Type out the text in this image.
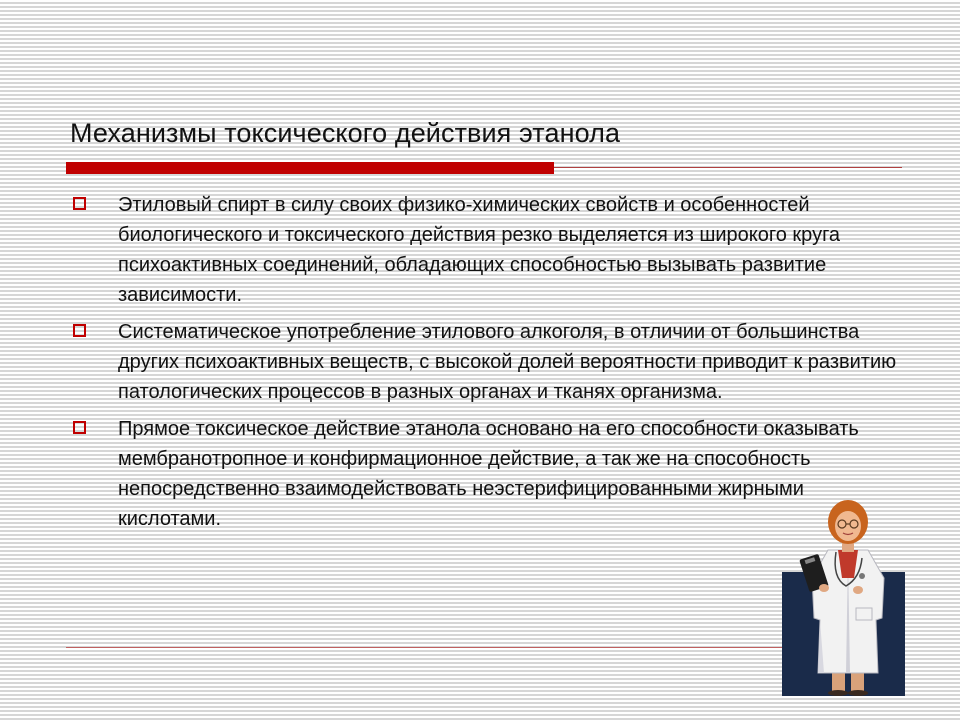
Механизмы токсического действия этанола
Этиловый спирт в силу своих физико-химических свойств и особенностей биологического и токсического действия резко выделяется из широкого круга психоактивных соединений, обладающих способностью вызывать развитие зависимости.
Систематическое употребление этилового алкоголя, в отличии от большинства других психоактивных веществ, с высокой долей вероятности приводит к развитию патологических процессов в разных органах и тканях организма.
Прямое токсическое действие этанола основано на его способности оказывать мембранотропное и конфирмационное действие, а так же на способность непосредственно взаимодействовать неэстерифицированными жирными кислотами.
